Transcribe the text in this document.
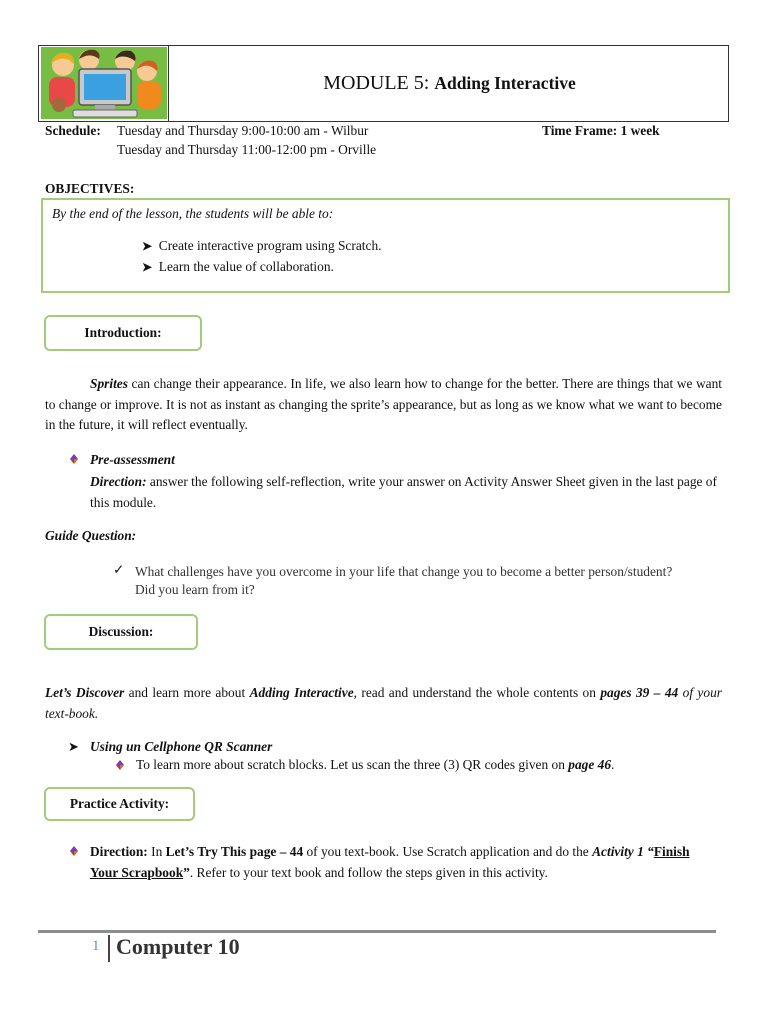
MODULE 5: Adding Interactive
Schedule: Tuesday and Thursday 9:00-10:00 am - Wilbur
Tuesday and Thursday 11:00-12:00 pm - Orville
Time Frame: 1 week
OBJECTIVES:
By the end of the lesson, the students will be able to:
➤ Create interactive program using Scratch.
➤ Learn the value of collaboration.
Introduction:
Sprites can change their appearance. In life, we also learn how to change for the better. There are things that we want to change or improve. It is not as instant as changing the sprite’s appearance, but as long as we know what we want to become in the future, it will reflect eventually.
Pre-assessment
Direction: answer the following self-reflection, write your answer on Activity Answer Sheet given in the last page of this module.
Guide Question:
✓ What challenges have you overcome in your life that change you to become a better person/student? Did you learn from it?
Discussion:
Let’s Discover and learn more about Adding Interactive, read and understand the whole contents on pages 39 – 44 of your text-book.
➤ Using un Cellphone QR Scanner
To learn more about scratch blocks. Let us scan the three (3) QR codes given on page 46.
Practice Activity:
Direction: In Let’s Try This page – 44 of you text-book. Use Scratch application and do the Activity 1 “Finish Your Scrapbook”. Refer to your text book and follow the steps given in this activity.
1 Computer 10
